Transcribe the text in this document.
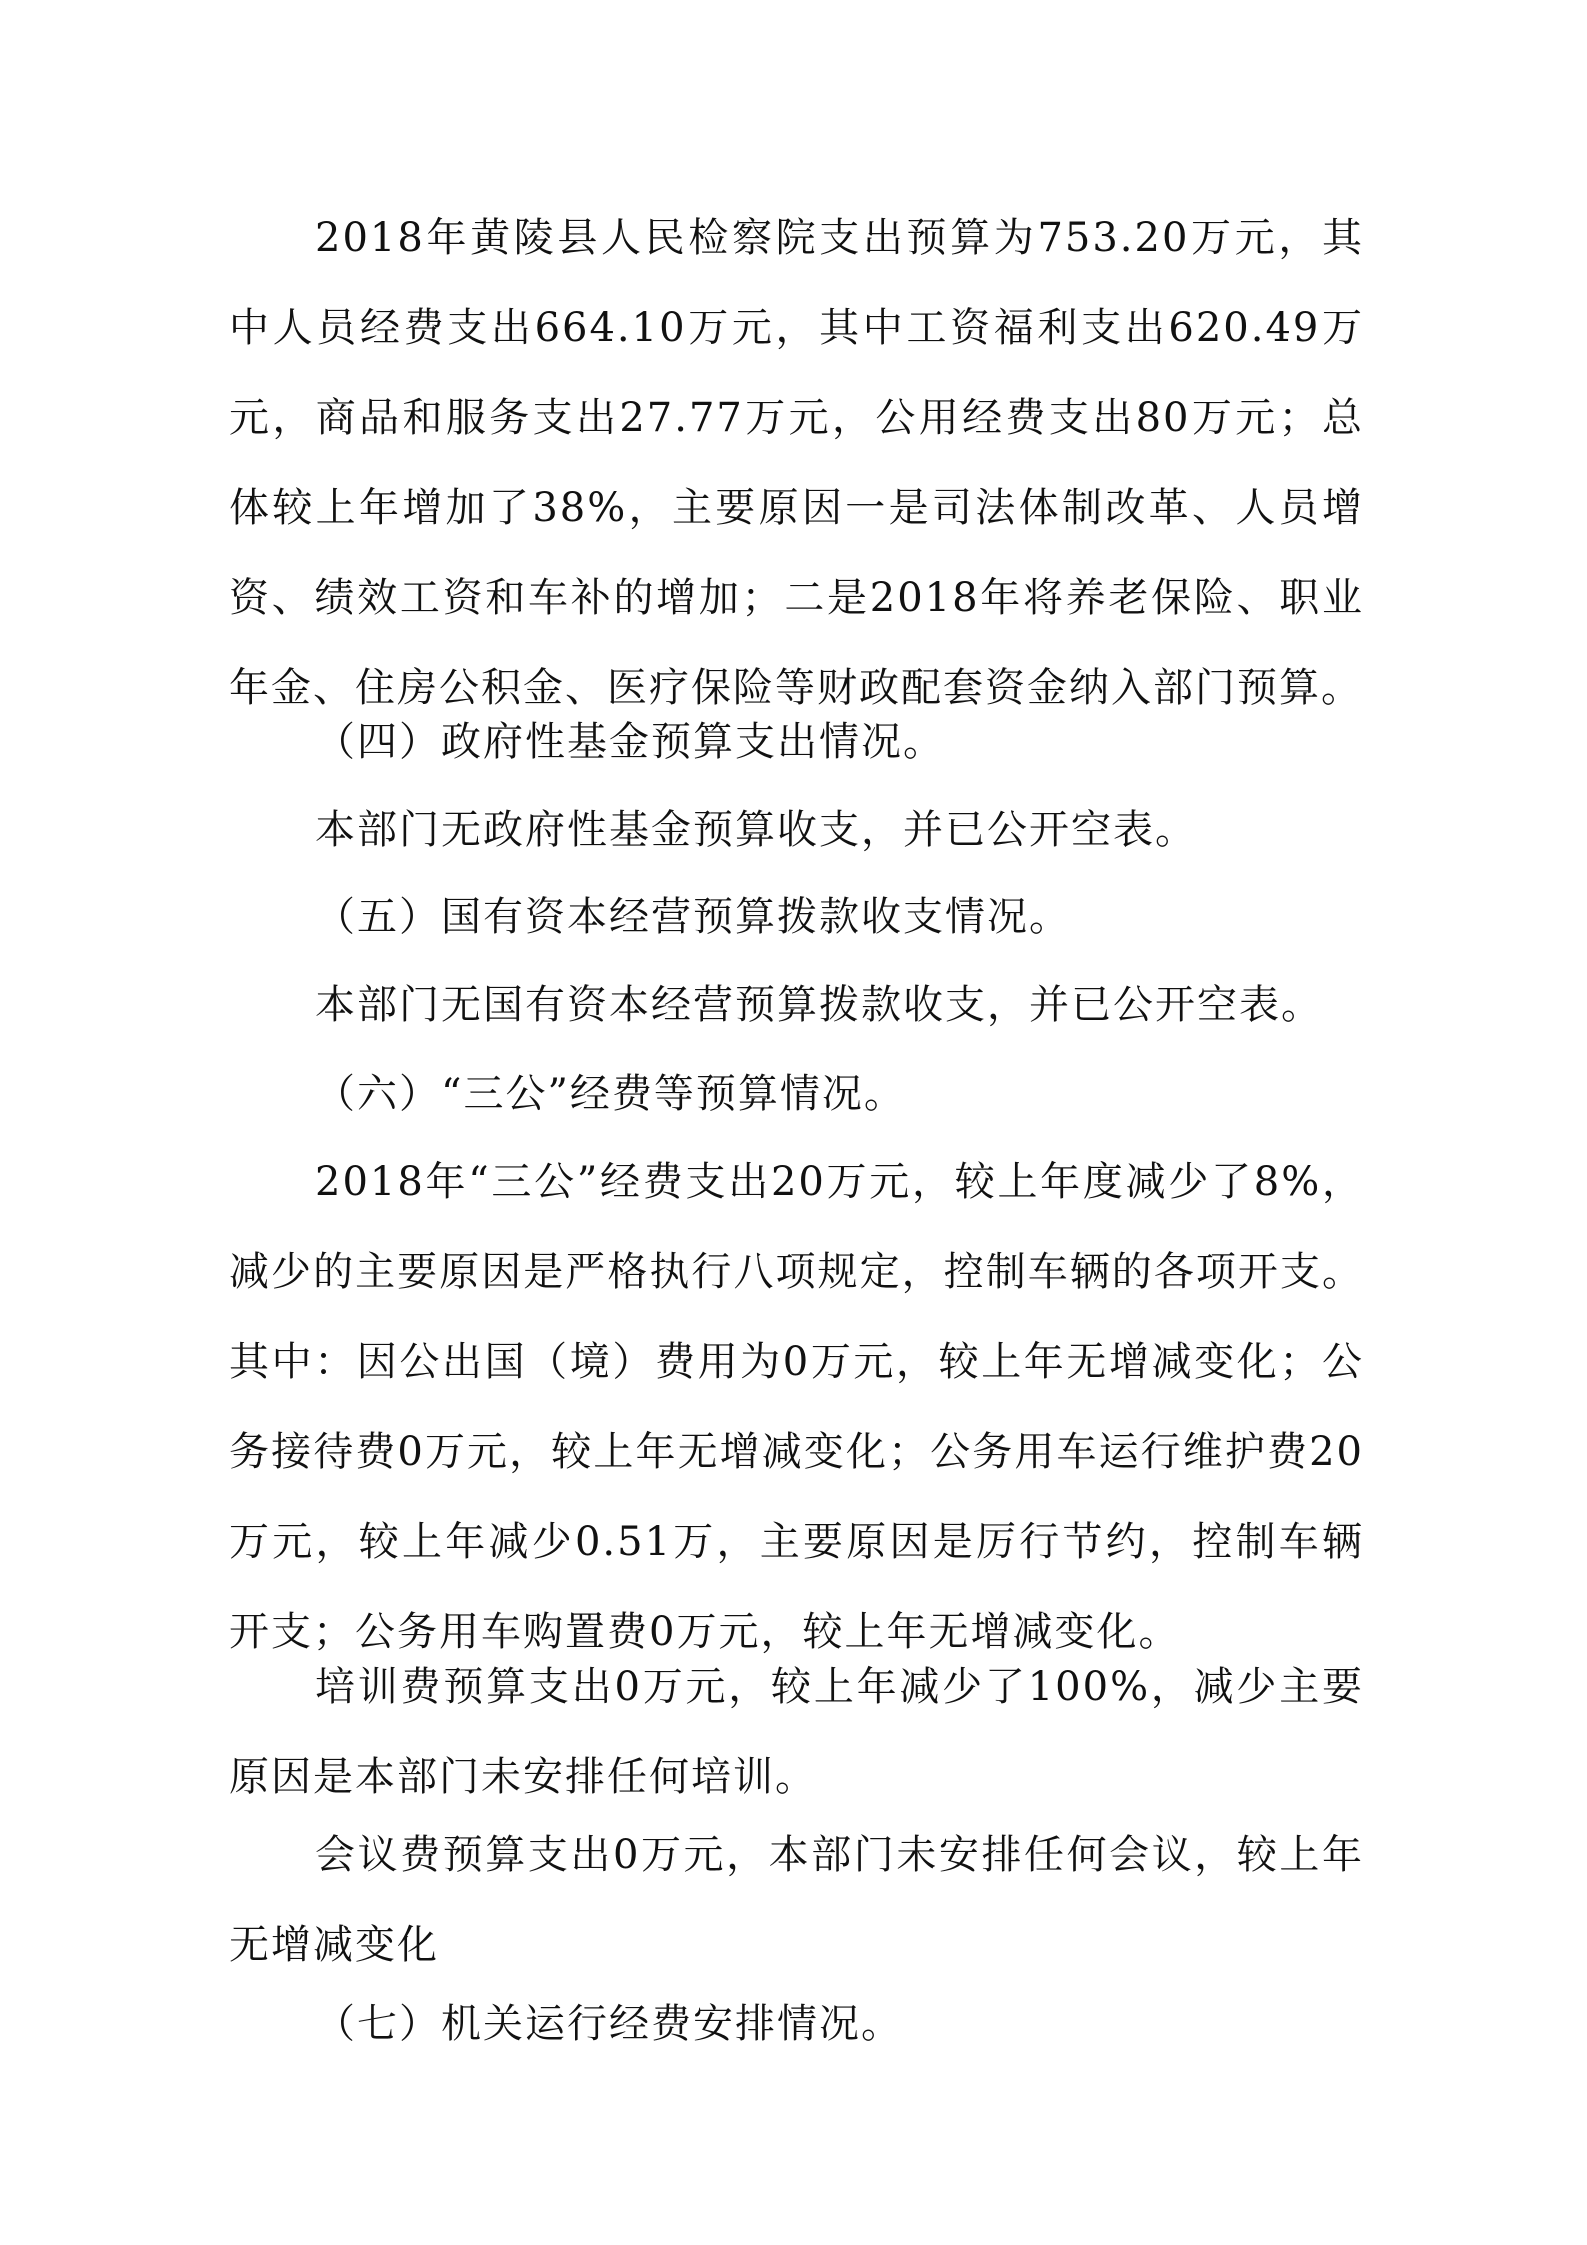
2018年黄陵县人民检察院支出预算为753.20万元，其中人员经费支出664.10万元，其中工资福利支出620.49万元，商品和服务支出27.77万元，公用经费支出80万元；总体较上年增加了38%，主要原因一是司法体制改革、人员增资、绩效工资和车补的增加；二是2018年将养老保险、职业年金、住房公积金、医疗保险等财政配套资金纳入部门预算。

（四）政府性基金预算支出情况。

本部门无政府性基金预算收支，并已公开空表。

（五）国有资本经营预算拨款收支情况。

本部门无国有资本经营预算拨款收支，并已公开空表。

（六）“三公”经费等预算情况。

2018年“三公”经费支出20万元，较上年度减少了8%，减少的主要原因是严格执行八项规定，控制车辆的各项开支。其中：因公出国（境）费用为0万元，较上年无增减变化；公务接待费0万元，较上年无增减变化；公务用车运行维护费20万元，较上年减少0.51万，主要原因是厉行节约，控制车辆开支；公务用车购置费0万元，较上年无增减变化。

培训费预算支出0万元，较上年减少了100%，减少主要原因是本部门未安排任何培训。

会议费预算支出0万元，本部门未安排任何会议，较上年无增减变化

（七）机关运行经费安排情况。
